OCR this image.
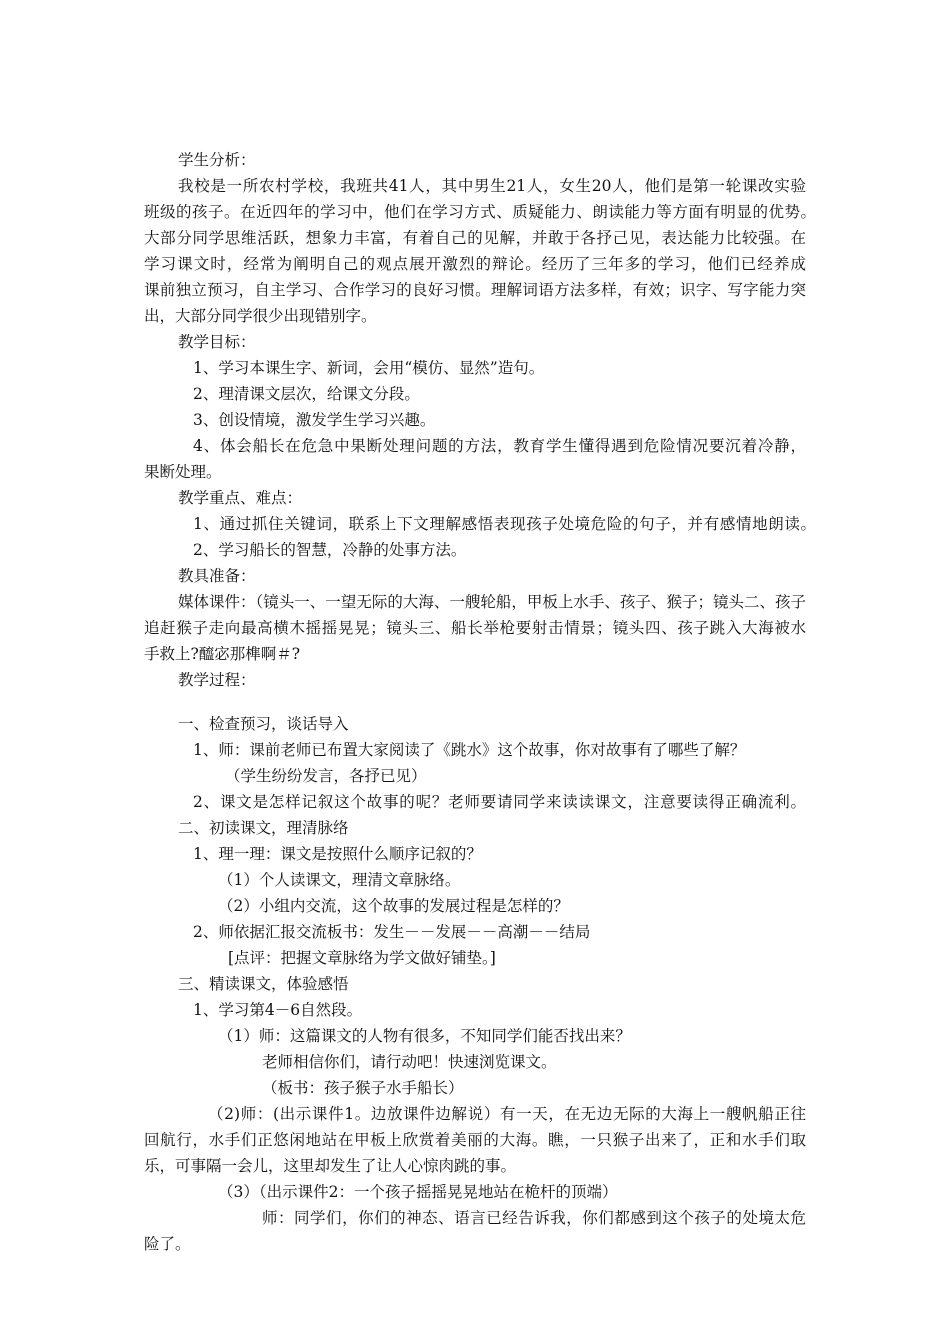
学生分析：
我校是一所农村学校，我班共41人，其中男生21人，女生20人，他们是第一轮课改实验
班级的孩子。在近四年的学习中，他们在学习方式、质疑能力、朗读能力等方面有明显的优势。
大部分同学思维活跃，想象力丰富，有着自己的见解，并敢于各抒己见，表达能力比较强。在
学习课文时，经常为阐明自己的观点展开激烈的辩论。经历了三年多的学习，他们已经养成
课前独立预习，自主学习、合作学习的良好习惯。理解词语方法多样，有效；识字、写字能力突
出，大部分同学很少出现错别字。
教学目标：
1、学习本课生字、新词，会用“模仿、显然”造句。
2、理清课文层次，给课文分段。
3、创设情境，激发学生学习兴趣。
4、体会船长在危急中果断处理问题的方法，教育学生懂得遇到危险情况要沉着冷静，
果断处理。
教学重点、难点：
1、通过抓住关键词，联系上下文理解感悟表现孩子处境危险的句子，并有感情地朗读。
2、学习船长的智慧，冷静的处事方法。
教具准备：
媒体课件：（镜头一、一望无际的大海、一艘轮船，甲板上水手、孩子、猴子；镜头二、孩子
追赶猴子走向最高横木摇摇晃晃；镜头三、船长举枪要射击情景；镜头四、孩子跳入大海被水
手救上?醯宓那榫啊＃?
教学过程：
一、检查预习，谈话导入
1、师：课前老师已布置大家阅读了《跳水》这个故事，你对故事有了哪些了解？
（学生纷纷发言，各抒已见）
2、课文是怎样记叙这个故事的呢？老师要请同学来读读课文，注意要读得正确流利。
二、初读课文，理清脉络
1、理一理：课文是按照什么顺序记叙的？
（1）个人读课文，理清文章脉络。
（2）小组内交流，这个故事的发展过程是怎样的？
2、师依据汇报交流板书：发生－－发展－－高潮－－结局
[点评：把握文章脉络为学文做好铺垫。]
三、精读课文，体验感悟
1、学习第4－6自然段。
（1）师：这篇课文的人物有很多，不知同学们能否找出来？
老师相信你们，请行动吧！快速浏览课文。
（板书：孩子猴子水手船长）
（2)师：(出示课件1。边放课件边解说）有一天，在无边无际的大海上一艘帆船正往
回航行，水手们正悠闲地站在甲板上欣赏着美丽的大海。瞧，一只猴子出来了，正和水手们取
乐，可事隔一会儿，这里却发生了让人心惊肉跳的事。
（3）（出示课件2：一个孩子摇摇晃晃地站在桅杆的顶端）
师：同学们，你们的神态、语言已经告诉我，你们都感到这个孩子的处境太危
险了。
